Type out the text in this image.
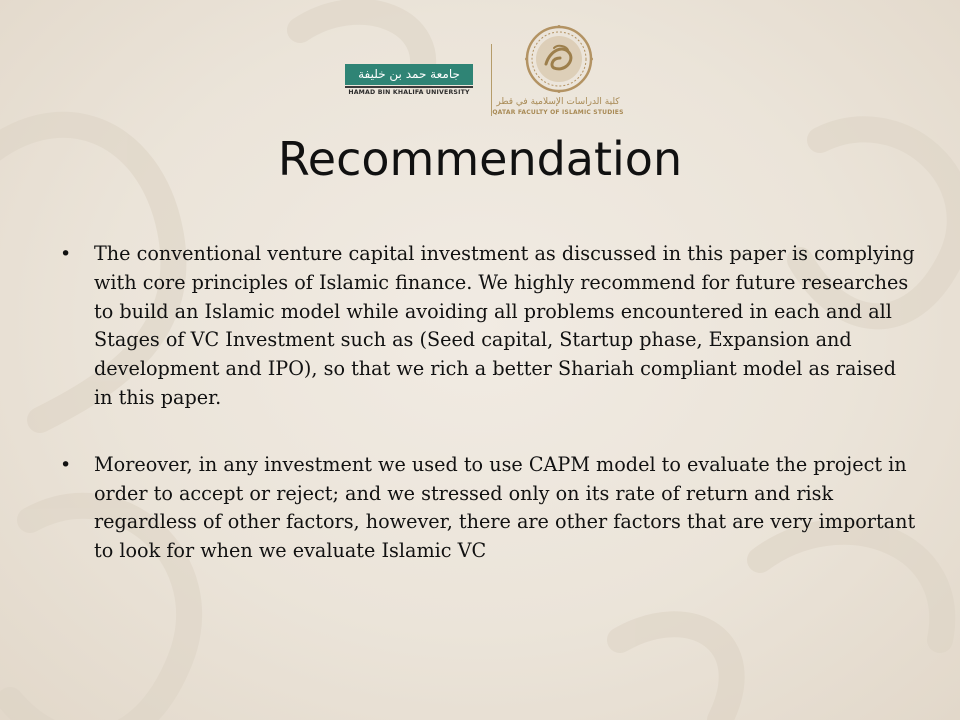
جامعة حمد بن خليفة
HAMAD BIN KHALIFA UNIVERSITY
كلية الدراسات الإسلامية في قطر
QATAR FACULTY OF ISLAMIC STUDIES
Recommendation
• The conventional venture capital investment as discussed in this paper is complying with core principles of Islamic finance. We highly recommend for future researches to build an Islamic model while avoiding all problems encountered in each and all Stages of VC Investment such as (Seed capital, Startup phase, Expansion and development and IPO), so that we rich a better Shariah compliant model as raised in this paper.
• Moreover, in any investment we used to use CAPM model to evaluate the project in order to accept or reject; and we stressed only on its rate of return and risk regardless of other factors, however, there are other factors that are very important to look for when we evaluate Islamic VC
